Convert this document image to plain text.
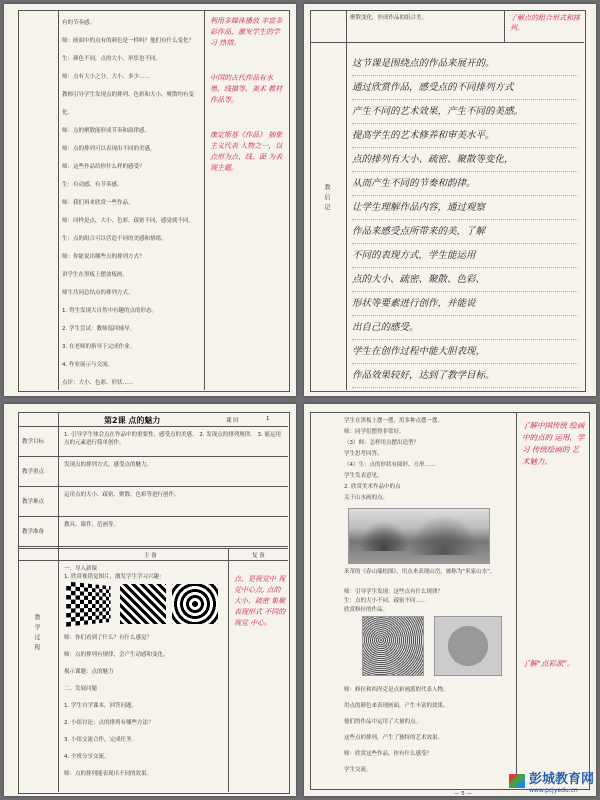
有的节奏感。
师：画面中的点有的颜色是一样吗？他们有什么变化？
生：颜色不同，点的大小、形状也不同。
师：点有大小之分。大小、多少……
教师引导学生发现点的排列、色彩和大小、聚散均有变化。
师：点的聚散能形成节奏和韵律感。
师：点的排列可以表现出不同的美感。
师：这些作品给你什么样的感受？
生：有动感、有节奏感。
师：我们再来欣赏一些作品。
师：同样是点，大小、色彩、疏密不同，感觉就不同。
生：点的组合可以营造不同的美感和情绪。
师：你能说出哪些点的排列方式？
讲学生在黑板上摆放板画。
师生共同总结点的排列方式。
1. 得生发现大自然中有趣的点的形态。
2. 学生尝试：教师巡回辅导。
3. 在老师的指导下完成作业。
4. 作业展示与交流。
点评：大小、色彩、形状……
利用多媒体播放 丰富多彩作品，激发学生的学习 热情。
中国的古代作品有水墨、线描等、美术 教材作品等。
康定斯基《作品》 抽象主义代表 人物之一，以点形为点、线、面 为表现主题。
聚散变化，形成作品的组合美。	了解点的组合形式和排列。
教后记
这节课是围绕点的作品来展开的。
通过欣赏作品，感受点的不同排列方式
产生不同的艺术效果，产生不同的美感。
提高学生的艺术修养和审美水平。
点的排列有大小、疏密、聚散等变化，
从而产生不同的节奏和韵律。
让学生理解作品内容，通过观察
作品来感受点所带来的美，了解
不同的表现方式，学生能运用
点的大小、疏密、聚散、色彩、
形状等要素进行创作，并能说
出自己的感受。
学生在创作过程中能大胆表现，
作品效果较好，达到了教学目标。
第2课 点的魅力	课 时	1
教学目标
1. 引导学生体会点在作品中的重要性，感受点的美感。 2. 发现点的排列规律。 3. 能运用点的元素进行简单创作。
教学重点
发现点的排列方式，感受点的魅力。
教学难点
运用点的大小、疏密、聚散、色彩等进行创作。
教学准备
教具、课件、范画等。
主 备	复 备
教学过程
一、导入新课
1. 欣赏视错觉图片，激发学生学习兴趣：
师：你们看到了什么？有什么感觉？
师：点的排列有规律，会产生动感和变化。
揭示课题：点的魅力
二、发展问题
1. 学生自学课本，回答问题。
2. 小组讨论：点的排列有哪些方法？
3. 小组交流合作，完成任务。
4. 全班分享交流。
师：点的排列能表现出不同的效果。
点、是视觉中 视觉中心点, 点的大小、疏密 集聚表现形式 不同的视觉 中心。
学生在黑板上摆一摆，用多种点摆一摆。
师：同学们摆得非常好。
（3）师：怎样用点摆出造型？
学生思考回答。
（4）生：点的形状有圆形、方形……
学生发表意见。
2. 欣赏美术作品中的点
关于山水画的点。
米芾的《春山瑞松图》，用点来表现山峦，被称为“米家山水”。
师：引导学生发现：这些点有什么规律？
生：点的大小不同、疏密不同……
欣赏修拉的作品。
师：修拉和西涅克是点彩画派的代表人物。
用点的颜色来表现画面，产生丰富的效果。
他们的作品中运用了大量的点。
这些点的排列，产生了独特的艺术效果。
师：欣赏这些作品，你有什么感受？
学生交流。
了解中国传统 绘画中的点的 运用，学习 传统绘画的 艺术魅力。
了解“点彩派”。
— 5 —
彭城教育网
www.pcjyedu.cn
